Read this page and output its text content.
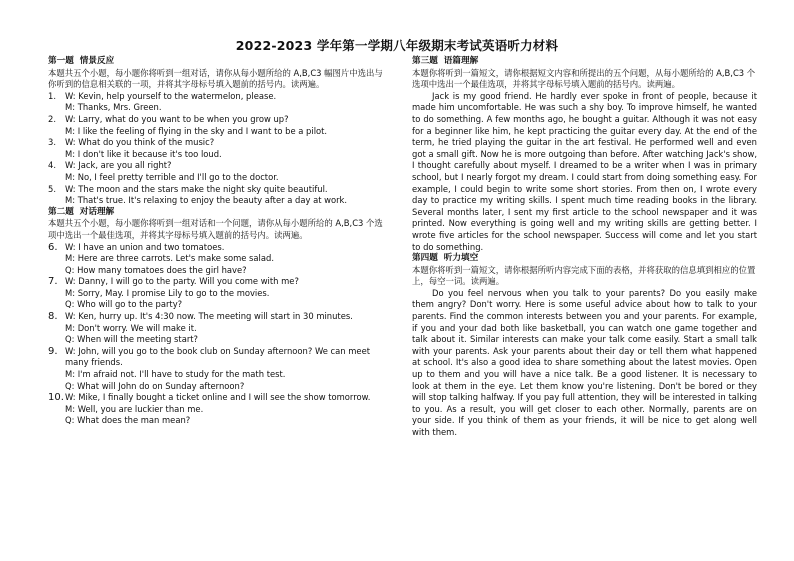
2022-2023 学年第一学期八年级期末考试英语听力材料
第一题 情景反应

本题共五个小题，每小题你将听到一组对话，请你从每小题所给的 A,B,C3 幅图片中选出与你听到的信息相关联的一项，并将其字母标号填入题前的括号内。读两遍。

1. W: Kevin, help yourself to the watermelon, please.
M: Thanks, Mrs. Green.
2. W: Larry, what do you want to be when you grow up?
M: I like the feeling of flying in the sky and I want to be a pilot.
3. W: What do you think of the music?
M: I don't like it because it's too loud.
4. W: Jack, are you all right?
M: No, I feel pretty terrible and I'll go to the doctor.
5. W: The moon and the stars make the night sky quite beautiful.
M: That's true. It's relaxing to enjoy the beauty after a day at work.
第二题 对话理解

本题共五个小题，每小题你将听到一组对话和一个问题，请你从每小题所给的 A,B,C3 个选项中选出一个最佳选项，并将其字母标号填入题前的括号内。读两遍。

6. W: I have an union and two tomatoes.
M: Here are three carrots. Let's make some salad.
Q: How many tomatoes does the girl have?
7. W: Danny, I will go to the party. Will you come with me?
M: Sorry, May. I promise Lily to go to the movies.
Q: Who will go to the party?
8. W: Ken, hurry up. It's 4:30 now. The meeting will start in 30 minutes.
M: Don't worry. We will make it.
Q: When will the meeting start?
9. W: John, will you go to the book club on Sunday afternoon? We can meet many friends.
M: I'm afraid not. I'll have to study for the math test.
Q: What will John do on Sunday afternoon?
10. W: Mike, I finally bought a ticket online and I will see the show tomorrow.
M: Well, you are luckier than me.
Q: What does the man mean?
第三题 语篇理解

本题你将听到一篇短文，请你根据短文内容和所提出的五个问题，从每小题所给的 A,B,C3 个选项中选出一个最佳选项，并将其字母标号填入题前的括号内。读两遍。

Jack is my good friend. He hardly ever spoke in front of people, because it made him uncomfortable. He was such a shy boy. To improve himself, he wanted to do something. A few months ago, he bought a guitar. Although it was not easy for a beginner like him, he kept practicing the guitar every day. At the end of the term, he tried playing the guitar in the art festival. He performed well and even got a small gift. Now he is more outgoing than before. After watching Jack's show, I thought carefully about myself. I dreamed to be a writer when I was in primary school, but I nearly forgot my dream. I could start from doing something easy. For example, I could begin to write some short stories. From then on, I wrote every day to practice my writing skills. I spent much time reading books in the library. Several months later, I sent my first article to the school newspaper and it was printed. Now everything is going well and my writing skills are getting better. I wrote five articles for the school newspaper. Success will come and let you start to do something.

第四题 听力填空

本题你将听到一篇短文，请你根据所听内容完成下面的表格，并将获取的信息填到相应的位置上，每空一词。读两遍。

Do you feel nervous when you talk to your parents? Do you easily make them angry? Don't worry. Here is some useful advice about how to talk to your parents. Find the common interests between you and your parents. For example, if you and your dad both like basketball, you can watch one game together and talk about it. Similar interests can make your talk come easily. Start a small talk with your parents. Ask your parents about their day or tell them what happened at school. It's also a good idea to share something about the latest movies. Open up to them and you will have a nice talk. Be a good listener. It is necessary to look at them in the eye. Let them know you're listening. Don't be bored or they will stop talking halfway. If you pay full attention, they will be interested in talking to you. As a result, you will get closer to each other. Normally, parents are on your side. If you think of them as your friends, it will be nice to get along well with them.
